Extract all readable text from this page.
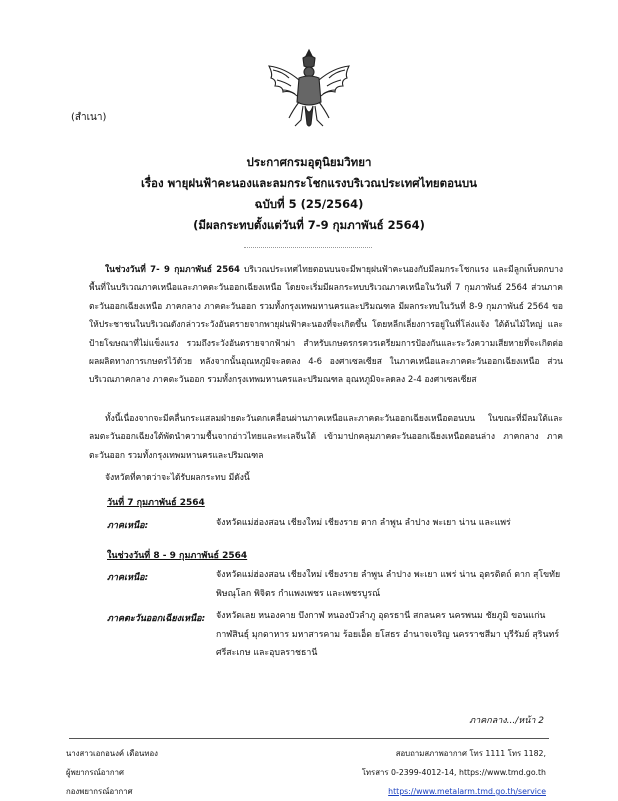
(สำเนา)
ประกาศกรมอุตุนิยมวิทยา
เรื่อง พายุฝนฟ้าคะนองและลมกระโชกแรงบริเวณประเทศไทยตอนบน
ฉบับที่ 5 (25/2564)
(มีผลกระทบตั้งแต่วันที่ 7-9 กุมภาพันธ์ 2564)
ในช่วงวันที่ 7- 9 กุมภาพันธ์ 2564 บริเวณประเทศไทยตอนบนจะมีพายุฝนฟ้าคะนองกับมีลมกระโชกแรง และมีลูกเห็บตกบางพื้นที่ในบริเวณภาคเหนือและภาคตะวันออกเฉียงเหนือ โดยจะเริ่มมีผลกระทบบริเวณภาคเหนือในวันที่ 7 กุมภาพันธ์ 2564 ส่วนภาคตะวันออกเฉียงเหนือ ภาคกลาง ภาคตะวันออก รวมทั้งกรุงเทพมหานครและปริมณฑล มีผลกระทบในวันที่ 8-9 กุมภาพันธ์ 2564 ขอให้ประชาชนในบริเวณดังกล่าวระวังอันตรายจากพายุฝนฟ้าคะนองที่จะเกิดขึ้น โดยหลีกเลี่ยงการอยู่ในที่โล่งแจ้ง ใต้ต้นไม้ใหญ่ และป้ายโฆษณาที่ไม่แข็งแรง รวมถึงระวังอันตรายจากฟ้าผ่า สำหรับเกษตรกรควรเตรียมการป้องกันและระวังความเสียหายที่จะเกิดต่อผลผลิตทางการเกษตรไว้ด้วย หลังจากนั้นอุณหภูมิจะลดลง 4-6 องศาเซลเซียส ในภาคเหนือและภาคตะวันออกเฉียงเหนือ ส่วนบริเวณภาคกลาง ภาคตะวันออก รวมทั้งกรุงเทพมหานครและปริมณฑล อุณหภูมิจะลดลง 2-4 องศาเซลเซียส
ทั้งนี้เนื่องจากจะมีคลื่นกระแสลมฝ่ายตะวันตกเคลื่อนผ่านภาคเหนือและภาคตะวันออกเฉียงเหนือตอนบน ในขณะที่มีลมใต้และลมตะวันออกเฉียงใต้พัดนำความชื้นจากอ่าวไทยและทะเลจีนใต้ เข้ามาปกคลุมภาคตะวันออกเฉียงเหนือตอนล่าง ภาคกลาง ภาคตะวันออก รวมทั้งกรุงเทพมหานครและปริมณฑล
จังหวัดที่คาดว่าจะได้รับผลกระทบ มีดังนี้
วันที่ 7 กุมภาพันธ์ 2564
ภาคเหนือ:	จังหวัดแม่ฮ่องสอน เชียงใหม่ เชียงราย ตาก ลำพูน ลำปาง พะเยา น่าน และแพร่
ในช่วงวันที่ 8 - 9 กุมภาพันธ์ 2564
ภาคเหนือ:	จังหวัดแม่ฮ่องสอน เชียงใหม่ เชียงราย ลำพูน ลำปาง พะเยา แพร่ น่าน อุตรดิตถ์ ตาก สุโขทัย พิษณุโลก พิจิตร กำแพงเพชร และเพชรบูรณ์
ภาคตะวันออกเฉียงเหนือ: จังหวัดเลย หนองคาย บึงกาฬ หนองบัวลำภู อุดรธานี สกลนคร นครพนม ชัยภูมิ ขอนแก่น กาฬสินธุ์ มุกดาหาร มหาสารคาม ร้อยเอ็ด ยโสธร อำนาจเจริญ นครราชสีมา บุรีรัมย์ สุรินทร์ ศรีสะเกษ และอุบลราชธานี
ภาคกลาง.../หน้า 2
นางสาวเอกอนงค์ เดือนทอง
ผู้พยากรณ์อากาศ
กองพยากรณ์อากาศ
สอบถามสภาพอากาศ โทร 1111 โทร 1182,
โทรสาร 0-2399-4012-14, https://www.tmd.go.th
https://www.metalarm.tmd.go.th/service
